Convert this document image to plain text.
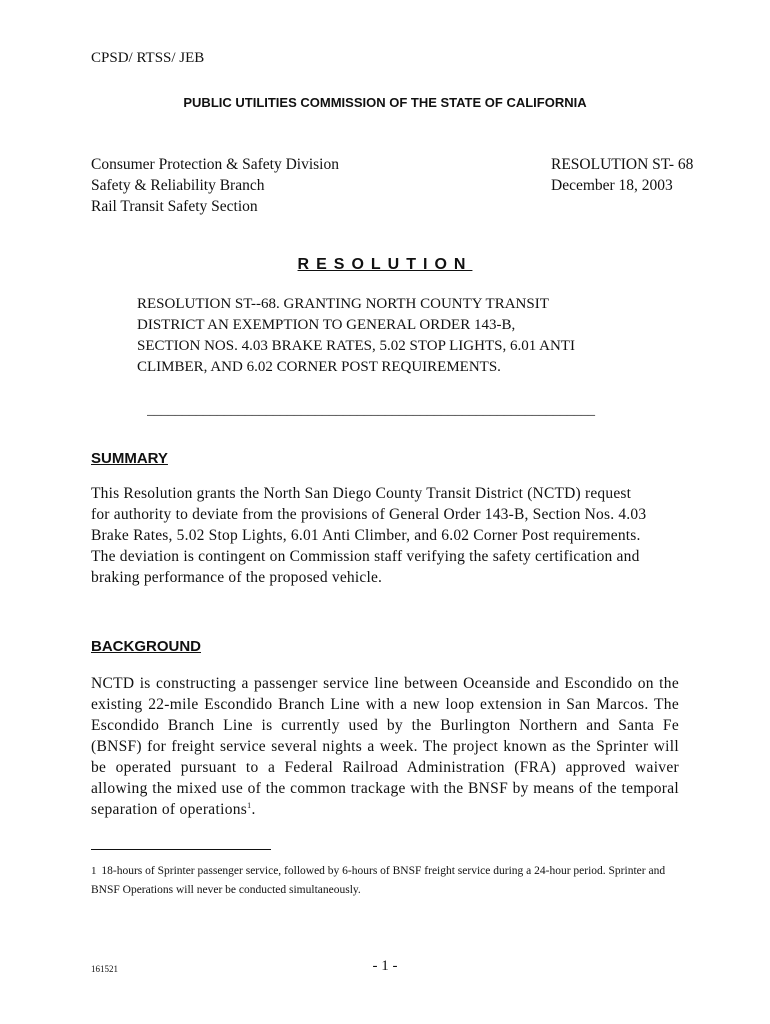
CPSD/ RTSS/ JEB
PUBLIC UTILITIES COMMISSION OF THE STATE OF CALIFORNIA
Consumer Protection & Safety Division
Safety & Reliability Branch
Rail Transit Safety Section
RESOLUTION ST- 68
December 18, 2003
RESOLUTION
RESOLUTION ST--68. GRANTING NORTH COUNTY TRANSIT
DISTRICT AN EXEMPTION TO GENERAL ORDER 143-B,
SECTION NOS. 4.03 BRAKE RATES, 5.02 STOP LIGHTS, 6.01 ANTI
CLIMBER, AND 6.02 CORNER POST REQUIREMENTS.
________________________________________________________________
SUMMARY
This Resolution grants the North San Diego County Transit District (NCTD) request for authority to deviate from the provisions of General Order 143-B, Section Nos. 4.03 Brake Rates, 5.02 Stop Lights, 6.01 Anti Climber, and 6.02 Corner Post requirements. The deviation is contingent on Commission staff verifying the safety certification and braking performance of the proposed vehicle.
BACKGROUND
NCTD is constructing a passenger service line between Oceanside and Escondido on the existing 22-mile Escondido Branch Line with a new loop extension in San Marcos. The Escondido Branch Line is currently used by the Burlington Northern and Santa Fe (BNSF) for freight service several nights a week. The project known as the Sprinter will be operated pursuant to a Federal Railroad Administration (FRA) approved waiver allowing the mixed use of the common trackage with the BNSF by means of the temporal separation of operations$^1$.
1 18-hours of Sprinter passenger service, followed by 6-hours of BNSF freight service during a 24-hour period. Sprinter and BNSF Operations will never be conducted simultaneously.
161521	- 1 -
